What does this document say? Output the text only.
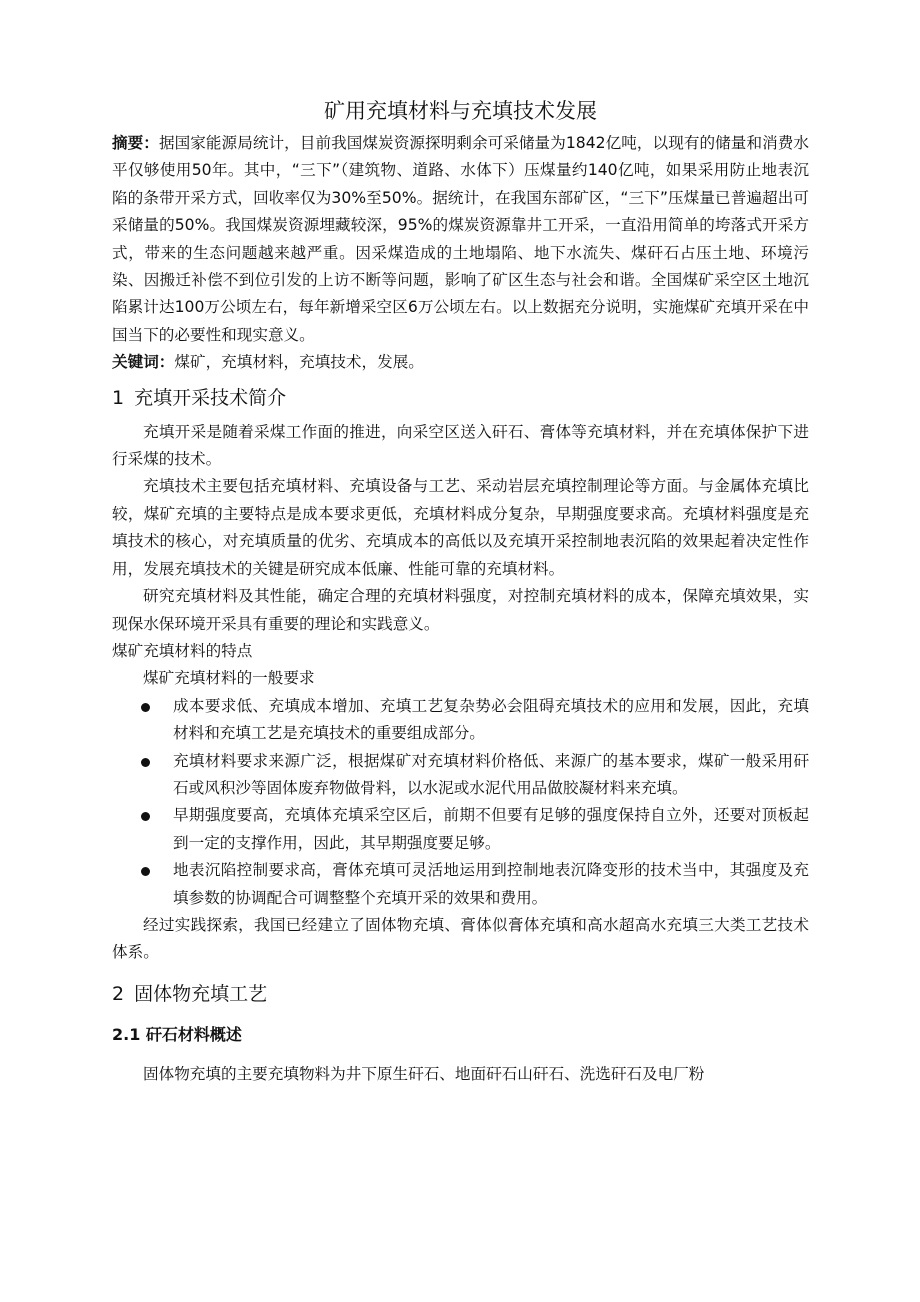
矿用充填材料与充填技术发展

摘要：据国家能源局统计，目前我国煤炭资源探明剩余可采储量为1842亿吨，以现有的储量和消费水平仅够使用50年。其中，“三下”（建筑物、道路、水体下）压煤量约140亿吨，如果采用防止地表沉陷的条带开采方式，回收率仅为30%至50%。据统计，在我国东部矿区，“三下”压煤量已普遍超出可采储量的50%。我国煤炭资源埋藏较深，95%的煤炭资源靠井工开采，一直沿用简单的垮落式开采方式，带来的生态问题越来越严重。因采煤造成的土地塌陷、地下水流失、煤矸石占压土地、环境污染、因搬迁补偿不到位引发的上访不断等问题，影响了矿区生态与社会和谐。全国煤矿采空区土地沉陷累计达100万公顷左右，每年新增采空区6万公顷左右。以上数据充分说明，实施煤矿充填开采在中国当下的必要性和现实意义。

关键词：煤矿，充填材料，充填技术，发展。

1 充填开采技术简介

充填开采是随着采煤工作面的推进，向采空区送入矸石、膏体等充填材料，并在充填体保护下进行采煤的技术。

充填技术主要包括充填材料、充填设备与工艺、采动岩层充填控制理论等方面。与金属体充填比较，煤矿充填的主要特点是成本要求更低，充填材料成分复杂，早期强度要求高。充填材料强度是充填技术的核心，对充填质量的优劣、充填成本的高低以及充填开采控制地表沉陷的效果起着决定性作用，发展充填技术的关键是研究成本低廉、性能可靠的充填材料。

研究充填材料及其性能，确定合理的充填材料强度，对控制充填材料的成本，保障充填效果，实现保水保环境开采具有重要的理论和实践意义。

煤矿充填材料的特点

煤矿充填材料的一般要求

成本要求低、充填成本增加、充填工艺复杂势必会阻碍充填技术的应用和发展，因此，充填材料和充填工艺是充填技术的重要组成部分。
充填材料要求来源广泛，根据煤矿对充填材料价格低、来源广的基本要求，煤矿一般采用矸石或风积沙等固体废弃物做骨料，以水泥或水泥代用品做胶凝材料来充填。
早期强度要高，充填体充填采空区后，前期不但要有足够的强度保持自立外，还要对顶板起到一定的支撑作用，因此，其早期强度要足够。
地表沉陷控制要求高，膏体充填可灵活地运用到控制地表沉降变形的技术当中，其强度及充填参数的协调配合可调整整个充填开采的效果和费用。

经过实践探索，我国已经建立了固体物充填、膏体似膏体充填和高水超高水充填三大类工艺技术体系。

2 固体物充填工艺
2.1 矸石材料概述

固体物充填的主要充填物料为井下原生矸石、地面矸石山矸石、洗选矸石及电厂粉
